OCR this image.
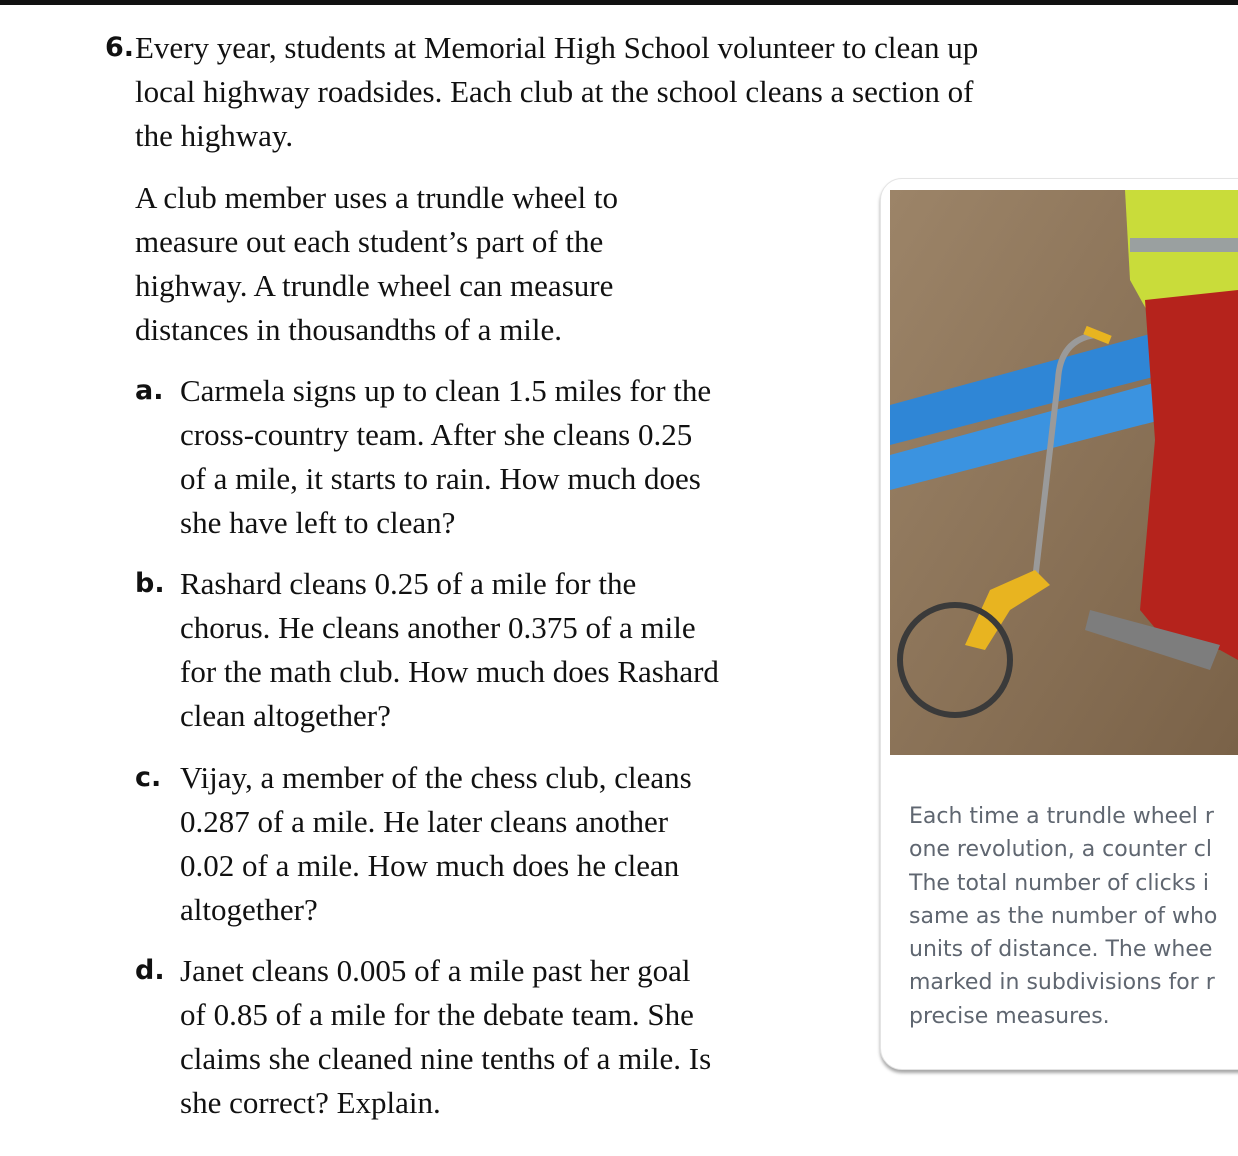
6. Every year, students at Memorial High School volunteer to clean up
local highway roadsides. Each club at the school cleans a section of
the highway.
A club member uses a trundle wheel to
measure out each student’s part of the
highway. A trundle wheel can measure
distances in thousandths of a mile.
a. Carmela signs up to clean 1.5 miles for the
cross-country team. After she cleans 0.25
of a mile, it starts to rain. How much does
she have left to clean?
b. Rashard cleans 0.25 of a mile for the
chorus. He cleans another 0.375 of a mile
for the math club. How much does Rashard
clean altogether?
c. Vijay, a member of the chess club, cleans
0.287 of a mile. He later cleans another
0.02 of a mile. How much does he clean
altogether?
d. Janet cleans 0.005 of a mile past her goal
of 0.85 of a mile for the debate team. She
claims she cleaned nine tenths of a mile. Is
she correct? Explain.
Each time a trundle wheel r
one revolution, a counter cl
The total number of clicks i
same as the number of who
units of distance. The whee
marked in subdivisions for r
precise measures.
